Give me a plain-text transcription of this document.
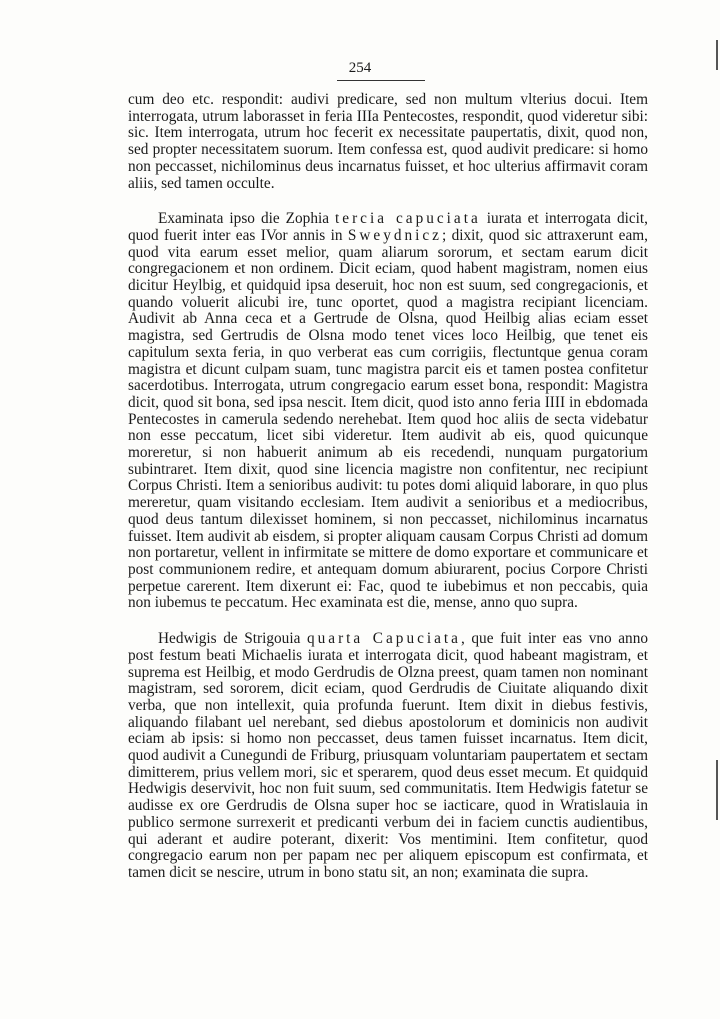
254

cum deo etc. respondit: audivi predicare, sed non multum vlterius docui. Item interrogata, utrum laborasset in feria IIIa Pentecostes, respondit, quod videretur sibi: sic. Item interrogata, utrum hoc fecerit ex necessitate paupertatis, dixit, quod non, sed propter necessitatem suorum. Item confessa est, quod audivit predicare: si homo non peccasset, nichilominus deus incarnatus fuisset, et hoc ulterius affirmavit coram aliis, sed tamen occulte.

Examinata ipso die Zophia tercia capuciata iurata et interrogata dicit, quod fuerit inter eas IVor annis in Sweydnicz; dixit, quod sic attraxerunt eam, quod vita earum esset melior, quam aliarum sororum, et sectam earum dicit congregacionem et non ordinem. Dicit eciam, quod habent magistram, nomen eius dicitur Heylbig, et quidquid ipsa deseruit, hoc non est suum, sed congregacionis, et quando voluerit alicubi ire, tunc oportet, quod a magistra recipiant licenciam. Audivit ab Anna ceca et a Gertrude de Olsna, quod Heilbig alias eciam esset magistra, sed Gertrudis de Olsna modo tenet vices loco Heilbig, que tenet eis capitulum sexta feria, in quo verberat eas cum corrigiis, flectuntque genua coram magistra et dicunt culpam suam, tunc magistra parcit eis et tamen postea confitetur sacerdotibus. Interrogata, utrum congregacio earum esset bona, respondit: Magistra dicit, quod sit bona, sed ipsa nescit. Item dicit, quod isto anno feria IIII in ebdomada Pentecostes in camerula sedendo nerehebat. Item quod hoc aliis de secta videbatur non esse peccatum, licet sibi videretur. Item audivit ab eis, quod quicunque moreretur, si non habuerit animum ab eis recedendi, nunquam purgatorium subintraret. Item dixit, quod sine licencia magistre non confitentur, nec recipiunt Corpus Christi. Item a senioribus audivit: tu potes domi aliquid laborare, in quo plus mereretur, quam visitando ecclesiam. Item audivit a senioribus et a mediocribus, quod deus tantum dilexisset hominem, si non peccasset, nichilominus incarnatus fuisset. Item audivit ab eisdem, si propter aliquam causam Corpus Christi ad domum non portaretur, vellent in infirmitate se mittere de domo exportare et communicare et post communionem redire, et antequam domum abiurarent, pocius Corpore Christi perpetue carerent. Item dixerunt ei: Fac, quod te iubebimus et non peccabis, quia non iubemus te peccatum. Hec examinata est die, mense, anno quo supra.

Hedwigis de Strigouia quarta Capuciata, que fuit inter eas vno anno post festum beati Michaelis iurata et interrogata dicit, quod habeant magistram, et suprema est Heilbig, et modo Gerdrudis de Olzna preest, quam tamen non nominant magistram, sed sororem, dicit eciam, quod Gerdrudis de Ciuitate aliquando dixit verba, que non intellexit, quia profunda fuerunt. Item dixit in diebus festivis, aliquando filabant uel nerebant, sed diebus apostolorum et dominicis non audivit eciam ab ipsis: si homo non peccasset, deus tamen fuisset incarnatus. Item dicit, quod audivit a Cunegundi de Friburg, priusquam voluntariam paupertatem et sectam dimitterem, prius vellem mori, sic et sperarem, quod deus esset mecum. Et quidquid Hedwigis deservivit, hoc non fuit suum, sed communitatis. Item Hedwigis fatetur se audisse ex ore Gerdrudis de Olsna super hoc se iacticare, quod in Wratislauia in publico sermone surrexerit et predicanti verbum dei in faciem cunctis audientibus, qui aderant et audire poterant, dixerit: Vos mentimini. Item confitetur, quod congregacio earum non per papam nec per aliquem episcopum est confirmata, et tamen dicit se nescire, utrum in bono statu sit, an non; examinata die supra.
